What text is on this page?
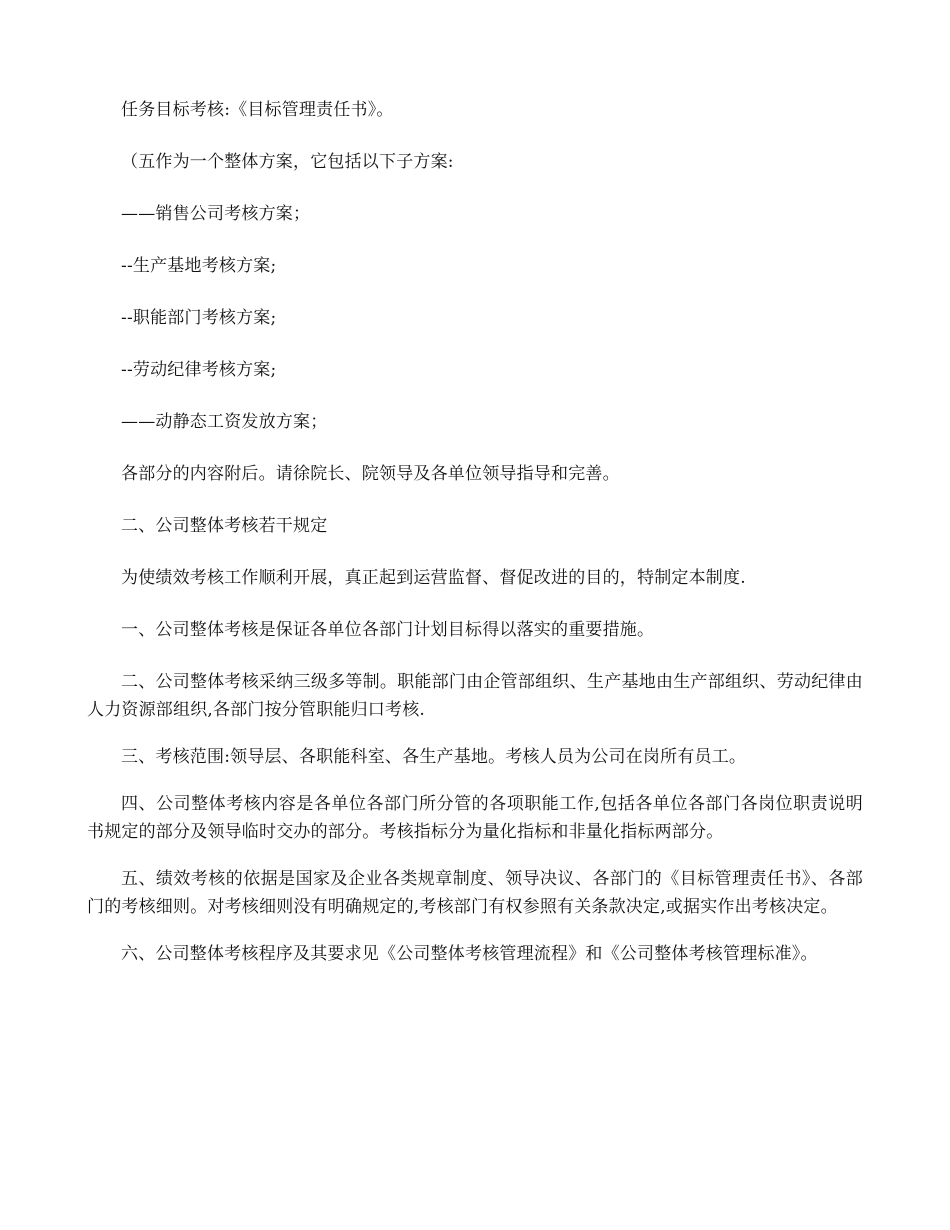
任务目标考核:《目标管理责任书》。

（五作为一个整体方案，它包括以下子方案:

——销售公司考核方案；

--生产基地考核方案;

--职能部门考核方案;

--劳动纪律考核方案;

——动静态工资发放方案；

各部分的内容附后。请徐院长、院领导及各单位领导指导和完善。

二、公司整体考核若干规定

为使绩效考核工作顺利开展，真正起到运营监督、督促改进的目的，特制定本制度.

一、公司整体考核是保证各单位各部门计划目标得以落实的重要措施。

二、公司整体考核采纳三级多等制。职能部门由企管部组织、生产基地由生产部组织、劳动纪律由人力资源部组织,各部门按分管职能归口考核.

三、考核范围:领导层、各职能科室、各生产基地。考核人员为公司在岗所有员工。

四、公司整体考核内容是各单位各部门所分管的各项职能工作,包括各单位各部门各岗位职责说明书规定的部分及领导临时交办的部分。考核指标分为量化指标和非量化指标两部分。

五、绩效考核的依据是国家及企业各类规章制度、领导决议、各部门的《目标管理责任书》、各部门的考核细则。对考核细则没有明确规定的,考核部门有权参照有关条款决定,或据实作出考核决定。

六、公司整体考核程序及其要求见《公司整体考核管理流程》和《公司整体考核管理标准》。
